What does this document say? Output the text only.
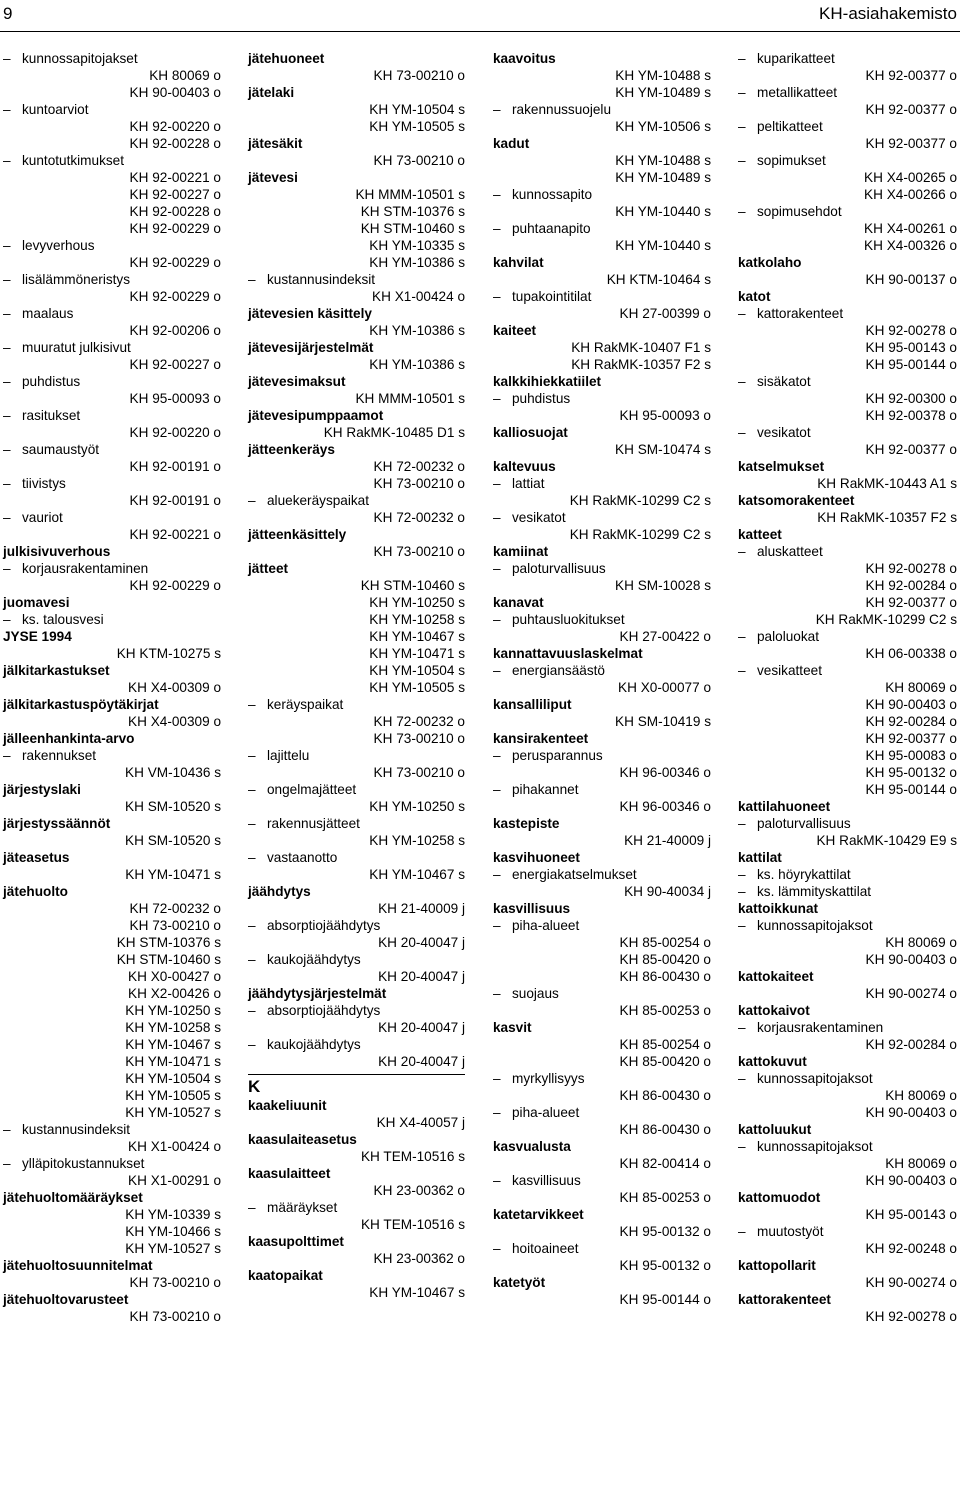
9	KH-asiahakemisto
– kunnossapitojakset
KH 80069 o
KH 90-00403 o
– kuntoarviot
KH 92-00220 o
KH 92-00228 o
– kuntotutkimukset
KH 92-00221 o
KH 92-00227 o
KH 92-00228 o
KH 92-00229 o
– levyverhous
KH 92-00229 o
– lisälämmöneristys
KH 92-00229 o
– maalaus
KH 92-00206 o
– muuratut julkisivut
KH 92-00227 o
– puhdistus
KH 95-00093 o
– rasitukset
KH 92-00220 o
– saumaustyöt
KH 92-00191 o
– tiivistys
KH 92-00191 o
– vauriot
KH 92-00221 o
julkisivuverhous
– korjausrakentaminen
KH 92-00229 o
juomavesi
– ks. talousvesi
JYSE 1994
KH KTM-10275 s
jälkitarkastukset
KH X4-00309 o
jälkitarkastuspöytäkirjat
KH X4-00309 o
jälleenhankinta-arvo
– rakennukset
KH VM-10436 s
järjestyslaki
KH SM-10520 s
järjestyssäännöt
KH SM-10520 s
jäteasetus
KH YM-10471 s
jätehuolto
KH 72-00232 o
KH 73-00210 o
KH STM-10376 s
KH STM-10460 s
KH X0-00427 o
KH X2-00426 o
KH YM-10250 s
KH YM-10258 s
KH YM-10467 s
KH YM-10471 s
KH YM-10504 s
KH YM-10505 s
KH YM-10527 s
– kustannusindeksit
KH X1-00424 o
– ylläpitokustannukset
KH X1-00291 o
jätehuoltomääräykset
KH YM-10339 s
KH YM-10466 s
KH YM-10527 s
jätehuoltosuunnitelmat
KH 73-00210 o
jätehuoltovarusteet
KH 73-00210 o
jätehuoneet
KH 73-00210 o
jätelaki
KH YM-10504 s
KH YM-10505 s
jätesäkit
KH 73-00210 o
jätevesi
KH MMM-10501 s
KH STM-10376 s
KH STM-10460 s
KH YM-10335 s
KH YM-10386 s
– kustannusindeksit
KH X1-00424 o
jätevesien käsittely
KH YM-10386 s
jätevesijärjestelmät
KH YM-10386 s
jätevesimaksut
KH MMM-10501 s
jätevesipumppaamot
KH RakMK-10485 D1 s
jätteenkeräys
KH 72-00232 o
KH 73-00210 o
– aluekeräyspaikat
KH 72-00232 o
jätteenkäsittely
KH 73-00210 o
jätteet
KH STM-10460 s
KH YM-10250 s
KH YM-10258 s
KH YM-10467 s
KH YM-10471 s
KH YM-10504 s
KH YM-10505 s
– keräyspaikat
KH 72-00232 o
KH 73-00210 o
– lajittelu
KH 73-00210 o
– ongelmajätteet
KH YM-10250 s
– rakennusjätteet
KH YM-10258 s
– vastaanotto
KH YM-10467 s
jäähdytys
KH 21-40009 j
– absorptiojäähdytys
KH 20-40047 j
– kaukojäähdytys
KH 20-40047 j
jäähdytysjärjestelmät
– absorptiojäähdytys
KH 20-40047 j
– kaukojäähdytys
KH 20-40047 j
K
kaakeliuunit
KH X4-40057 j
kaasulaiteasetus
KH TEM-10516 s
kaasulaitteet
KH 23-00362 o
– määräykset
KH TEM-10516 s
kaasupolttimet
KH 23-00362 o
kaatopaikat
KH YM-10467 s
kaavoitus
KH YM-10488 s
KH YM-10489 s
– rakennussuojelu
KH YM-10506 s
kadut
KH YM-10488 s
KH YM-10489 s
– kunnossapito
KH YM-10440 s
– puhtaanapito
KH YM-10440 s
kahvilat
KH KTM-10464 s
– tupakointitilat
KH 27-00399 o
kaiteet
KH RakMK-10407 F1 s
KH RakMK-10357 F2 s
kalkkihiekkatiilet
– puhdistus
KH 95-00093 o
kalliosuojat
KH SM-10474 s
kaltevuus
– lattiat
KH RakMK-10299 C2 s
– vesikatot
KH RakMK-10299 C2 s
kamiinat
– paloturvallisuus
KH SM-10028 s
kanavat
– puhtausluokitukset
KH 27-00422 o
kannattavuuslaskelmat
– energiansäästö
KH X0-00077 o
kansalliliput
KH SM-10419 s
kansirakenteet
– perusparannus
KH 96-00346 o
– pihakannet
KH 96-00346 o
kastepiste
KH 21-40009 j
kasvihuoneet
– energiakatselmukset
KH 90-40034 j
kasvillisuus
– piha-alueet
KH 85-00254 o
KH 85-00420 o
KH 86-00430 o
– suojaus
KH 85-00253 o
kasvit
KH 85-00254 o
KH 85-00420 o
– myrkyllisyys
KH 86-00430 o
– piha-alueet
KH 86-00430 o
kasvualusta
KH 82-00414 o
– kasvillisuus
KH 85-00253 o
katetarvikkeet
KH 95-00132 o
– hoitoaineet
KH 95-00132 o
katetyöt
KH 95-00144 o
– kuparikatteet
KH 92-00377 o
– metallikatteet
KH 92-00377 o
– peltikatteet
KH 92-00377 o
– sopimukset
KH X4-00265 o
KH X4-00266 o
– sopimusehdot
KH X4-00261 o
KH X4-00326 o
katkolaho
KH 90-00137 o
katot
– kattorakenteet
KH 92-00278 o
KH 95-00143 o
KH 95-00144 o
– sisäkatot
KH 92-00300 o
KH 92-00378 o
– vesikatot
KH 92-00377 o
katselmukset
KH RakMK-10443 A1 s
katsomorakenteet
KH RakMK-10357 F2 s
katteet
– aluskatteet
KH 92-00278 o
KH 92-00284 o
KH 92-00377 o
KH RakMK-10299 C2 s
– paloluokat
KH 06-00338 o
– vesikatteet
KH 80069 o
KH 90-00403 o
KH 92-00284 o
KH 92-00377 o
KH 95-00083 o
KH 95-00132 o
KH 95-00144 o
kattilahuoneet
– paloturvallisuus
KH RakMK-10429 E9 s
kattilat
– ks. höyrykattilat
– ks. lämmityskattilat
kattoikkunat
– kunnossapitojaksot
KH 80069 o
KH 90-00403 o
kattokaiteet
KH 90-00274 o
kattokaivot
– korjausrakentaminen
KH 92-00284 o
kattokuvut
– kunnossapitojaksot
KH 80069 o
KH 90-00403 o
kattoluukut
– kunnossapitojaksot
KH 80069 o
KH 90-00403 o
kattomuodot
KH 95-00143 o
– muutostyöt
KH 92-00248 o
kattopollarit
KH 90-00274 o
kattorakenteet
KH 92-00278 o
